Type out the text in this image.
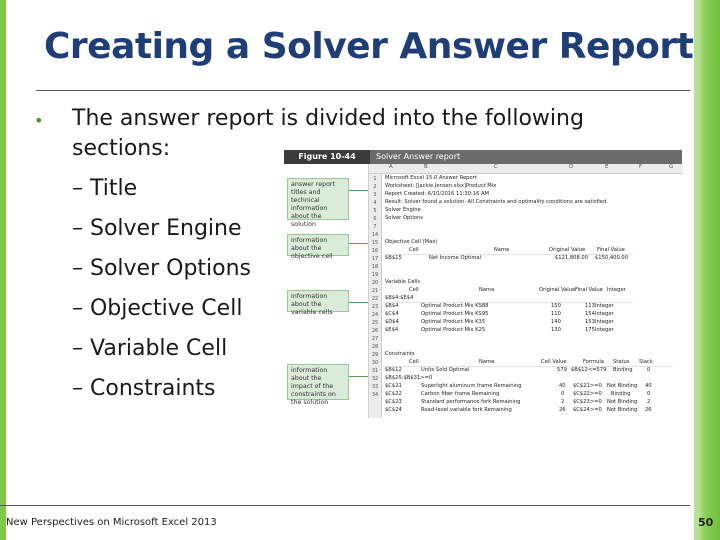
Creating a Solver Answer Report
• The answer report is divided into the following sections:
– Title
– Solver Engine
– Solver Options
– Objective Cell
– Variable Cell
– Constraints
Figure 10-44	Solver Answer report
answer report titles and technical information about the solution
information about the objective cell
information about the variable cells
information about the impact of the constraints on the solution
A	B	C	D	E	F	G
1
2
3
4
5
6
7
14
15
16
17
18
19
20
21
22
23
24
25
26
27
28
29
30
31
32
33
34
Microsoft Excel 15.0 Answer Report
Worksheet: [Jackie Jensen.xlsx]Product Mix
Report Created: 6/10/2016 11:30:16 AM
Result: Solver found a solution. All Constraints and optimality conditions are satisfied.
Solver Engine
Solver Options
Objective Cell (Max)
Cell	Name	Original Value Final Value
$B$15	Net Income Optimal	$121,808.00 $150,400.00
Variable Cells
Cell	Name	Original Value Final Value Integer
$B$4:$E$4
$B$4	Optimal Product Mix KS88	150	113 Integer
$C$4	Optimal Product Mix KS95	110	154 Integer
$D$4	Optimal Product Mix K35	140	153 Integer
$E$4	Optimal Product Mix K25	130	175 Integer
Constraints
Cell	Name	Cell Value	Formula Status Slack
$B$12	Units Sold Optimal	579 $B$12<=579 Binding	0
$B$25:$B$31>=0
$C$21	Superlight aluminum frame Remaining	40 $C$21>=0 Not Binding 40
$C$22	Carbon fiber frame Remaining	0 $C$22>=0 Binding	0
$C$23	Standard performance fork Remaining	2 $C$23>=0 Not Binding 2
$C$24	Road-level variable fork Remaining	26 $C$24>=0 Not Binding 26
New Perspectives on Microsoft Excel 2013	50
